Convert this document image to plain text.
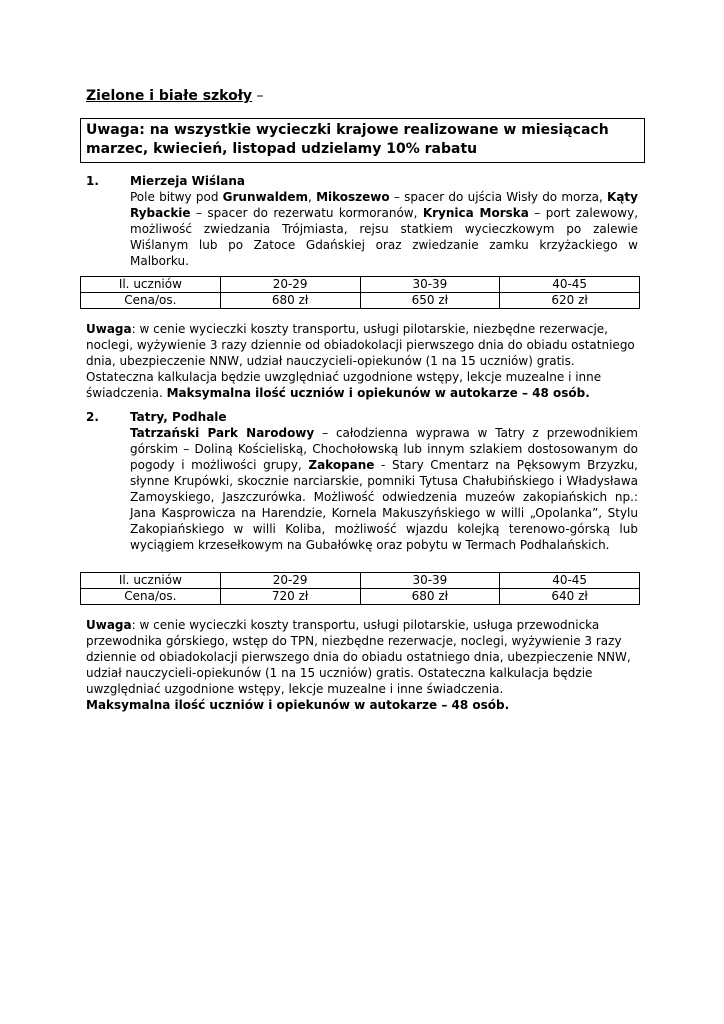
Zielone i białe szkoły –
Uwaga: na wszystkie wycieczki krajowe realizowane w miesiącach marzec, kwiecień, listopad udzielamy 10% rabatu
1.	Mierzeja Wiślana
Pole bitwy pod Grunwaldem, Mikoszewo – spacer do ujścia Wisły do morza, Kąty Rybackie – spacer do rezerwatu kormoranów, Krynica Morska – port zalewowy, możliwość zwiedzania Trójmiasta, rejsu statkiem wycieczkowym po zalewie Wiślanym lub po Zatoce Gdańskiej oraz zwiedzanie zamku krzyżackiego w Malborku.
Il. uczniów	20-29	30-39	40-45
Cena/os.	680 zł	650 zł	620 zł
Uwaga: w cenie wycieczki koszty transportu, usługi pilotarskie, niezbędne rezerwacje, noclegi, wyżywienie 3 razy dziennie od obiadokolacji pierwszego dnia do obiadu ostatniego dnia, ubezpieczenie NNW, udział nauczycieli-opiekunów (1 na 15 uczniów) gratis. Ostateczna kalkulacja będzie uwzględniać uzgodnione wstępy, lekcje muzealne i inne świadczenia. Maksymalna ilość uczniów i opiekunów w autokarze – 48 osób.
2.	Tatry, Podhale
Tatrzański Park Narodowy – całodzienna wyprawa w Tatry z przewodnikiem górskim – Doliną Kościeliską, Chochołowską lub innym szlakiem dostosowanym do pogody i możliwości grupy, Zakopane - Stary Cmentarz na Pęksowym Brzyzku, słynne Krupówki, skocznie narciarskie, pomniki Tytusa Chałubińskiego i Władysława Zamoyskiego, Jaszczurówka. Możliwość odwiedzenia muzeów zakopiańskich np.: Jana Kasprowicza na Harendzie, Kornela Makuszyńskiego w willi „Opolanka”, Stylu Zakopiańskiego w willi Koliba, możliwość wjazdu kolejką terenowo-górską lub wyciągiem krzesełkowym na Gubałówkę oraz pobytu w Termach Podhalańskich.
Il. uczniów	20-29	30-39	40-45
Cena/os.	720 zł	680 zł	640 zł
Uwaga: w cenie wycieczki koszty transportu, usługi pilotarskie, usługa przewodnicka przewodnika górskiego, wstęp do TPN, niezbędne rezerwacje, noclegi, wyżywienie 3 razy dziennie od obiadokolacji pierwszego dnia do obiadu ostatniego dnia, ubezpieczenie NNW, udział nauczycieli-opiekunów (1 na 15 uczniów) gratis. Ostateczna kalkulacja będzie uwzględniać uzgodnione wstępy, lekcje muzealne i inne świadczenia.
Maksymalna ilość uczniów i opiekunów w autokarze – 48 osób.
